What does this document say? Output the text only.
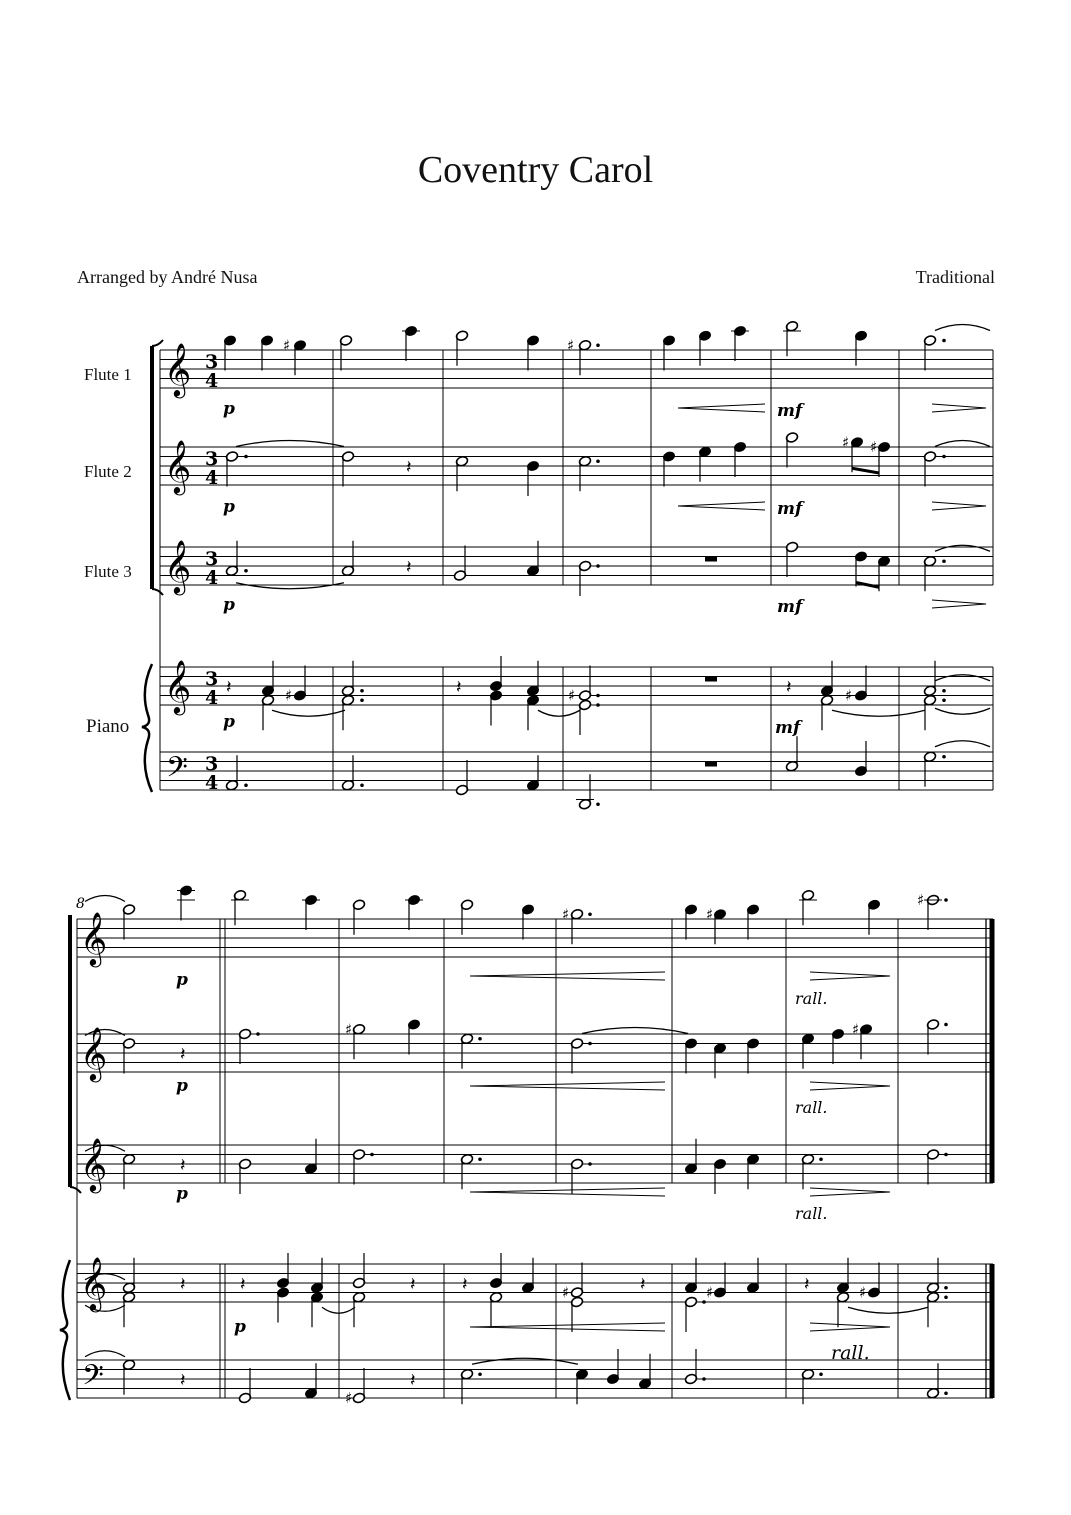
Coventry Carol
Arranged by André Nusa	Traditional
Flute 1
Flute 2
Flute 3
Piano
𝄞 3
4
𝄞 3
4
𝄞 3
4
𝄞 3
4
𝄢 3
4
♯	♯
𝄽
♯ ♯
𝄽
𝄽	♯	𝄽	♯	𝄽	♯
p	mf
p	mf
p	mf
p	mf
𝄞
𝄞
𝄞
𝄞
𝄢
8
♯	♯
♯
rall.
𝄽
♯	♯
rall.
𝄽
rall.
𝄽	𝄽	𝄽	𝄽	♯	𝄽	♯	𝄽	♯
𝄽
♯
𝄽
p
p
p
p
rall.
